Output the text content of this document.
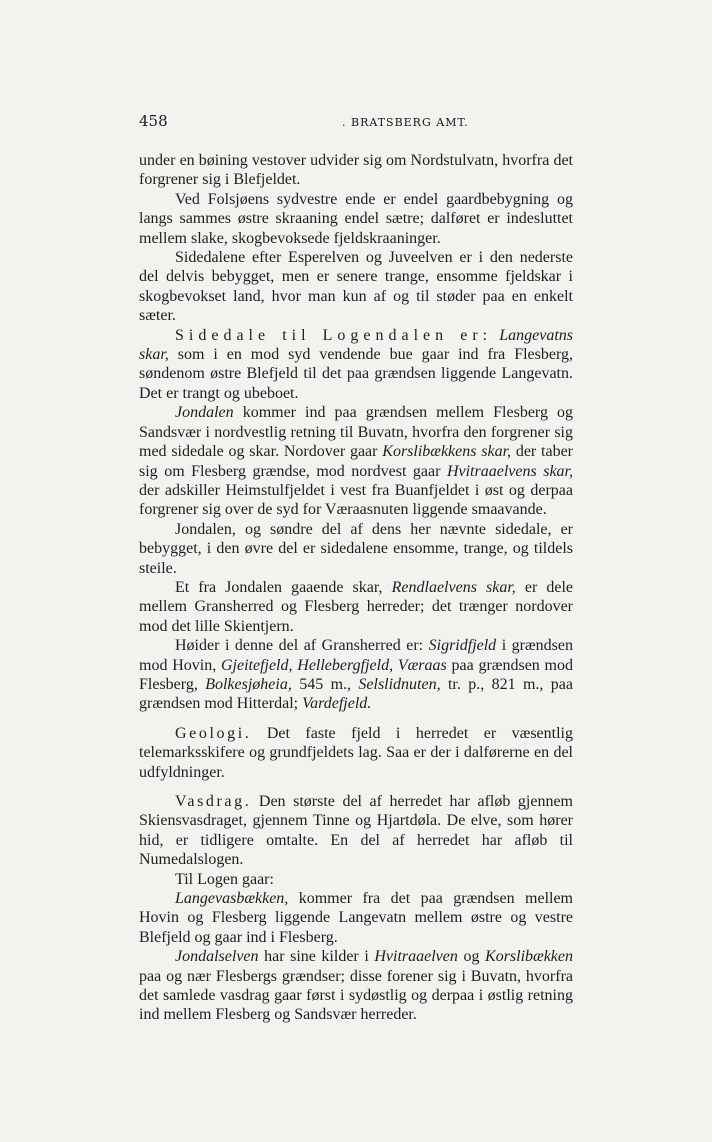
458	. BRATSBERG AMT.

under en bøining vestover udvider sig om Nordstulvatn, hvorfra det forgrener sig i Blefjeldet.

Ved Folsjøens sydvestre ende er endel gaardbebygning og langs sammes østre skraaning endel sætre; dalføret er indesluttet mellem slake, skogbevoksede fjeldskraaninger.

Sidedalene efter Esperelven og Juveelven er i den nederste del delvis bebygget, men er senere trange, ensomme fjeldskar i skogbevokset land, hvor man kun af og til støder paa en enkelt sæter.

Sidedale til Logendalen er: Langevatns skar, som i en mod syd vendende bue gaar ind fra Flesberg, søndenom østre Blefjeld til det paa grændsen liggende Langevatn. Det er trangt og ubeboet.

Jondalen kommer ind paa grændsen mellem Flesberg og Sandsvær i nordvestlig retning til Buvatn, hvorfra den forgrener sig med sidedale og skar. Nordover gaar Korslibækkens skar, der taber sig om Flesberg grændse, mod nordvest gaar Hvitraaelvens skar, der adskiller Heimstulfjeldet i vest fra Buanfjeldet i øst og derpaa forgrener sig over de syd for Væraasnuten liggende smaavande.

Jondalen, og søndre del af dens her nævnte sidedale, er bebygget, i den øvre del er sidedalene ensomme, trange, og tildels steile.

Et fra Jondalen gaaende skar, Rendlaelvens skar, er dele mellem Gransherred og Flesberg herreder; det trænger nordover mod det lille Skientjern.

Høider i denne del af Gransherred er: Sigridfjeld i grændsen mod Hovin, Gjeitefjeld, Hellebergfjeld, Væraas paa grændsen mod Flesberg, Bolkesjøheia, 545 m., Selslidnuten, tr. p., 821 m., paa grændsen mod Hitterdal; Vardefjeld.

Geologi. Det faste fjeld i herredet er væsentlig telemarksskifere og grundfjeldets lag. Saa er der i dalførerne en del udfyldninger.

Vasdrag. Den største del af herredet har afløb gjennem Skiensvasdraget, gjennem Tinne og Hjartdøla. De elve, som hører hid, er tidligere omtalte. En del af herredet har afløb til Numedalslogen.

Til Logen gaar:

Langevasbækken, kommer fra det paa grændsen mellem Hovin og Flesberg liggende Langevatn mellem østre og vestre Blefjeld og gaar ind i Flesberg.

Jondalselven har sine kilder i Hvitraaelven og Korslibækken paa og nær Flesbergs grændser; disse forener sig i Buvatn, hvorfra det samlede vasdrag gaar først i sydøstlig og derpaa i østlig retning ind mellem Flesberg og Sandsvær herreder.
